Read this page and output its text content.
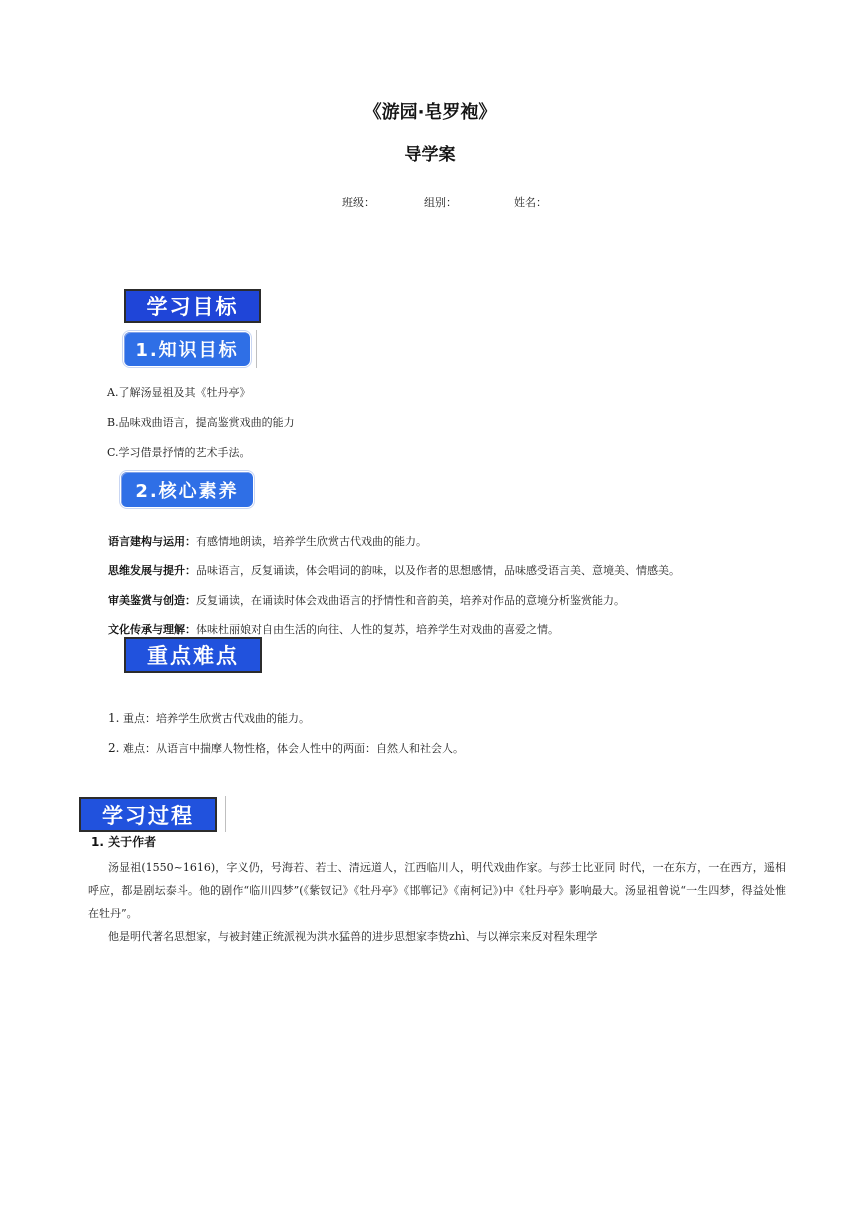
《游园·皂罗袍》
导学案
班级：	组别：	姓名：
学习目标
1.知识目标
A.了解汤显祖及其《牡丹亭》
B.品味戏曲语言，提高鉴赏戏曲的能力
C.学习借景抒情的艺术手法。
2.核心素养
语言建构与运用：有感情地朗读，培养学生欣赏古代戏曲的能力。
思维发展与提升：品味语言，反复诵读，体会唱词的韵味，以及作者的思想感情，品味感受语言美、意境美、情感美。
审美鉴赏与创造：反复诵读，在诵读时体会戏曲语言的抒情性和音韵美，培养对作品的意境分析鉴赏能力。
文化传承与理解：体味杜丽娘对自由生活的向往、人性的复苏，培养学生对戏曲的喜爱之情。
重点难点
1. 重点：培养学生欣赏古代戏曲的能力。
2. 难点：从语言中揣摩人物性格，体会人性中的两面：自然人和社会人。
学习过程
1. 关于作者
汤显祖(1550~1616)，字义仍，号海若、若士、清远道人，江西临川人，明代戏曲作家。与莎士比亚同 时代，一在东方，一在西方，遥相呼应，都是剧坛泰斗。他的剧作“临川四梦”(《紫钗记》《牡丹亭》《邯郸记》《南柯记》)中《牡丹亭》影响最大。汤显祖曾说“一生四梦，得益处惟在牡丹”。
他是明代著名思想家，与被封建正统派视为洪水猛兽的进步思想家李贽zhì、与以禅宗来反对程朱理学
